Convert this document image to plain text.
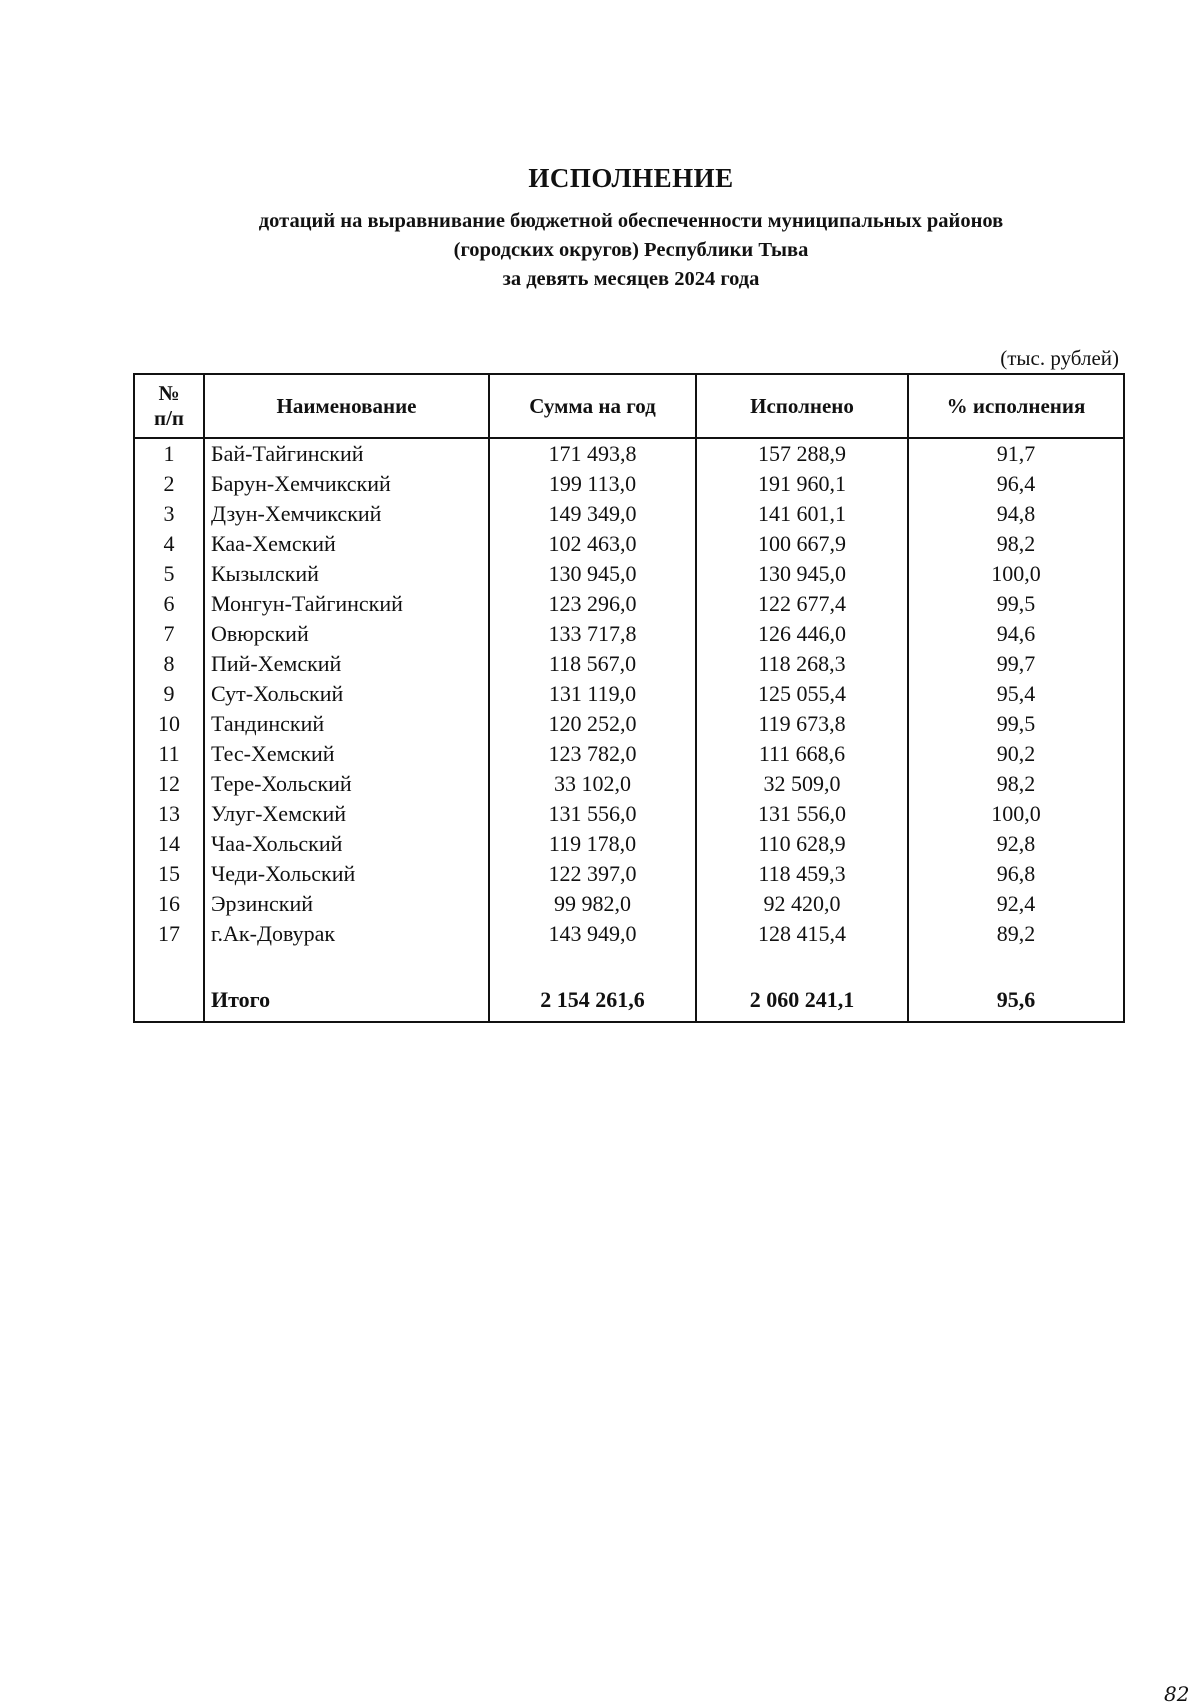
ИСПОЛНЕНИЕ
дотаций на выравнивание бюджетной обеспеченности муниципальных районов
(городских округов) Республики Тыва
за девять месяцев 2024 года
(тыс. рублей)
№
п/п	Наименование	Сумма на год	Исполнено	% исполнения
1	Бай-Тайгинский	171 493,8	157 288,9	91,7
2	Барун-Хемчикский	199 113,0	191 960,1	96,4
3	Дзун-Хемчикский	149 349,0	141 601,1	94,8
4	Каа-Хемский	102 463,0	100 667,9	98,2
5	Кызылский	130 945,0	130 945,0	100,0
6	Монгун-Тайгинский	123 296,0	122 677,4	99,5
7	Овюрский	133 717,8	126 446,0	94,6
8	Пий-Хемский	118 567,0	118 268,3	99,7
9	Сут-Хольский	131 119,0	125 055,4	95,4
10	Тандинский	120 252,0	119 673,8	99,5
11	Тес-Хемский	123 782,0	111 668,6	90,2
12	Тере-Хольский	33 102,0	32 509,0	98,2
13	Улуг-Хемский	131 556,0	131 556,0	100,0
14	Чаа-Хольский	119 178,0	110 628,9	92,8
15	Чеди-Хольский	122 397,0	118 459,3	96,8
16	Эрзинский	99 982,0	92 420,0	92,4
17	г.Ак-Довурак	143 949,0	128 415,4	89,2

	Итого	2 154 261,6	2 060 241,1	95,6
82
